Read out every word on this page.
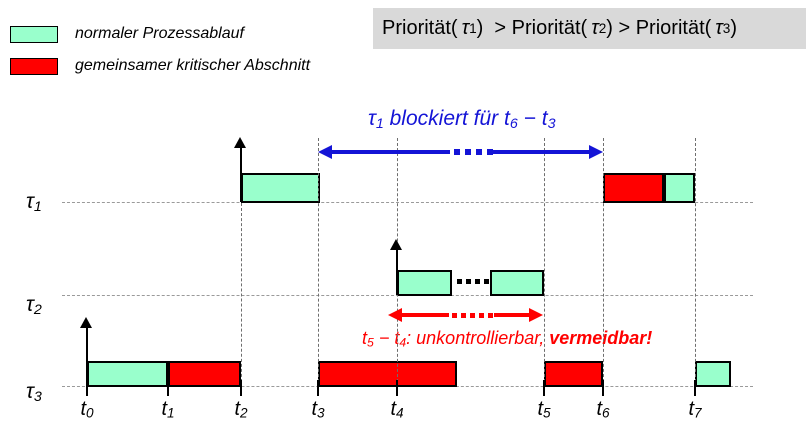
normaler Prozessablauf
gemeinsamer kritischer Abschnitt
Priorität(  τ 1 )  > Priorität(  τ 2 ) > Priorität(  τ 3 )
τ1 blockiert für t6 − t3
t5 − t4: unkontrollierbar, vermeidbar!
τ1
τ2
τ3
t0	t1	t2	t3	t4	t5	t6	t7
